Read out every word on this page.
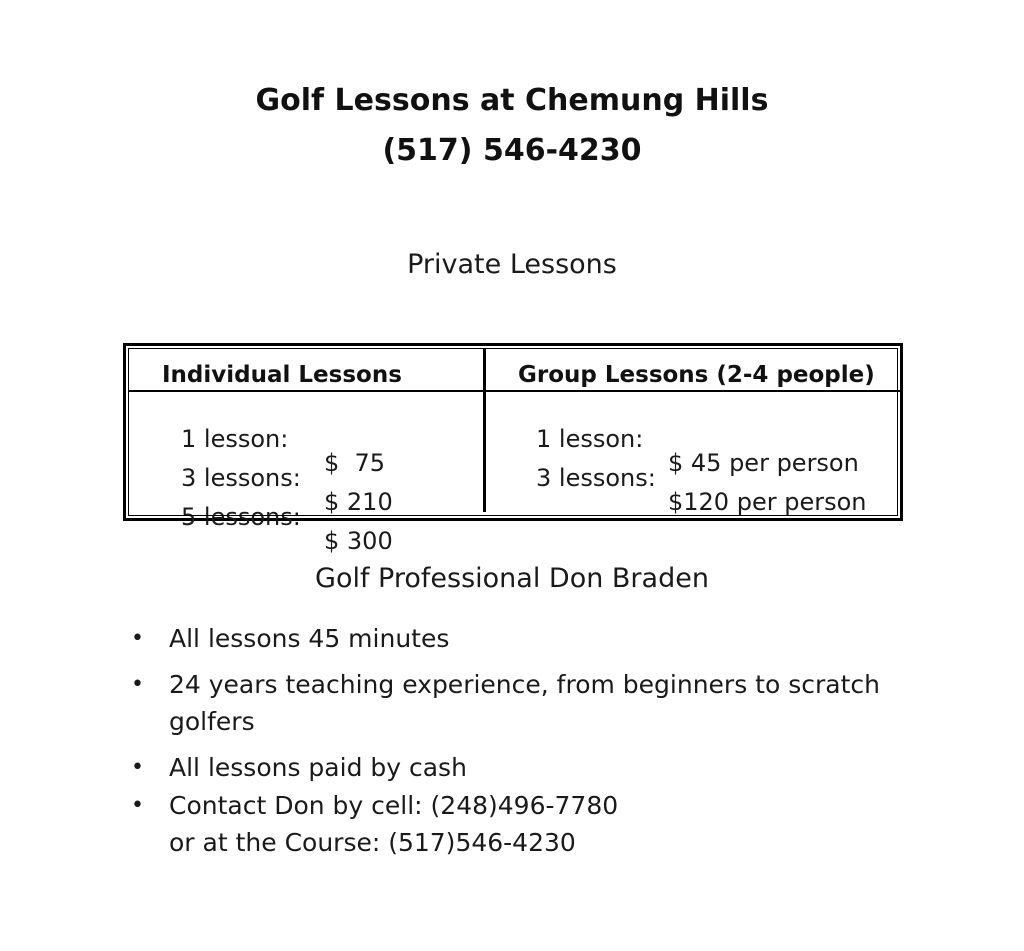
Golf Lessons at Chemung Hills
(517) 546-4230
Private Lessons
Individual Lessons

1 lesson:

$  75

3 lessons:

$ 210

5 lessons:

$ 300

Group Lessons (2-4 people)

1 lesson:

$ 45 per person

3 lessons:

$120 per person

Golf Professional Don Braden
• All lessons 45 minutes
• 24 years teaching experience, from beginners to scratch
golfers
• All lessons paid by cash
• Contact Don by cell: (248)496-7780
or at the Course: (517)546-4230
